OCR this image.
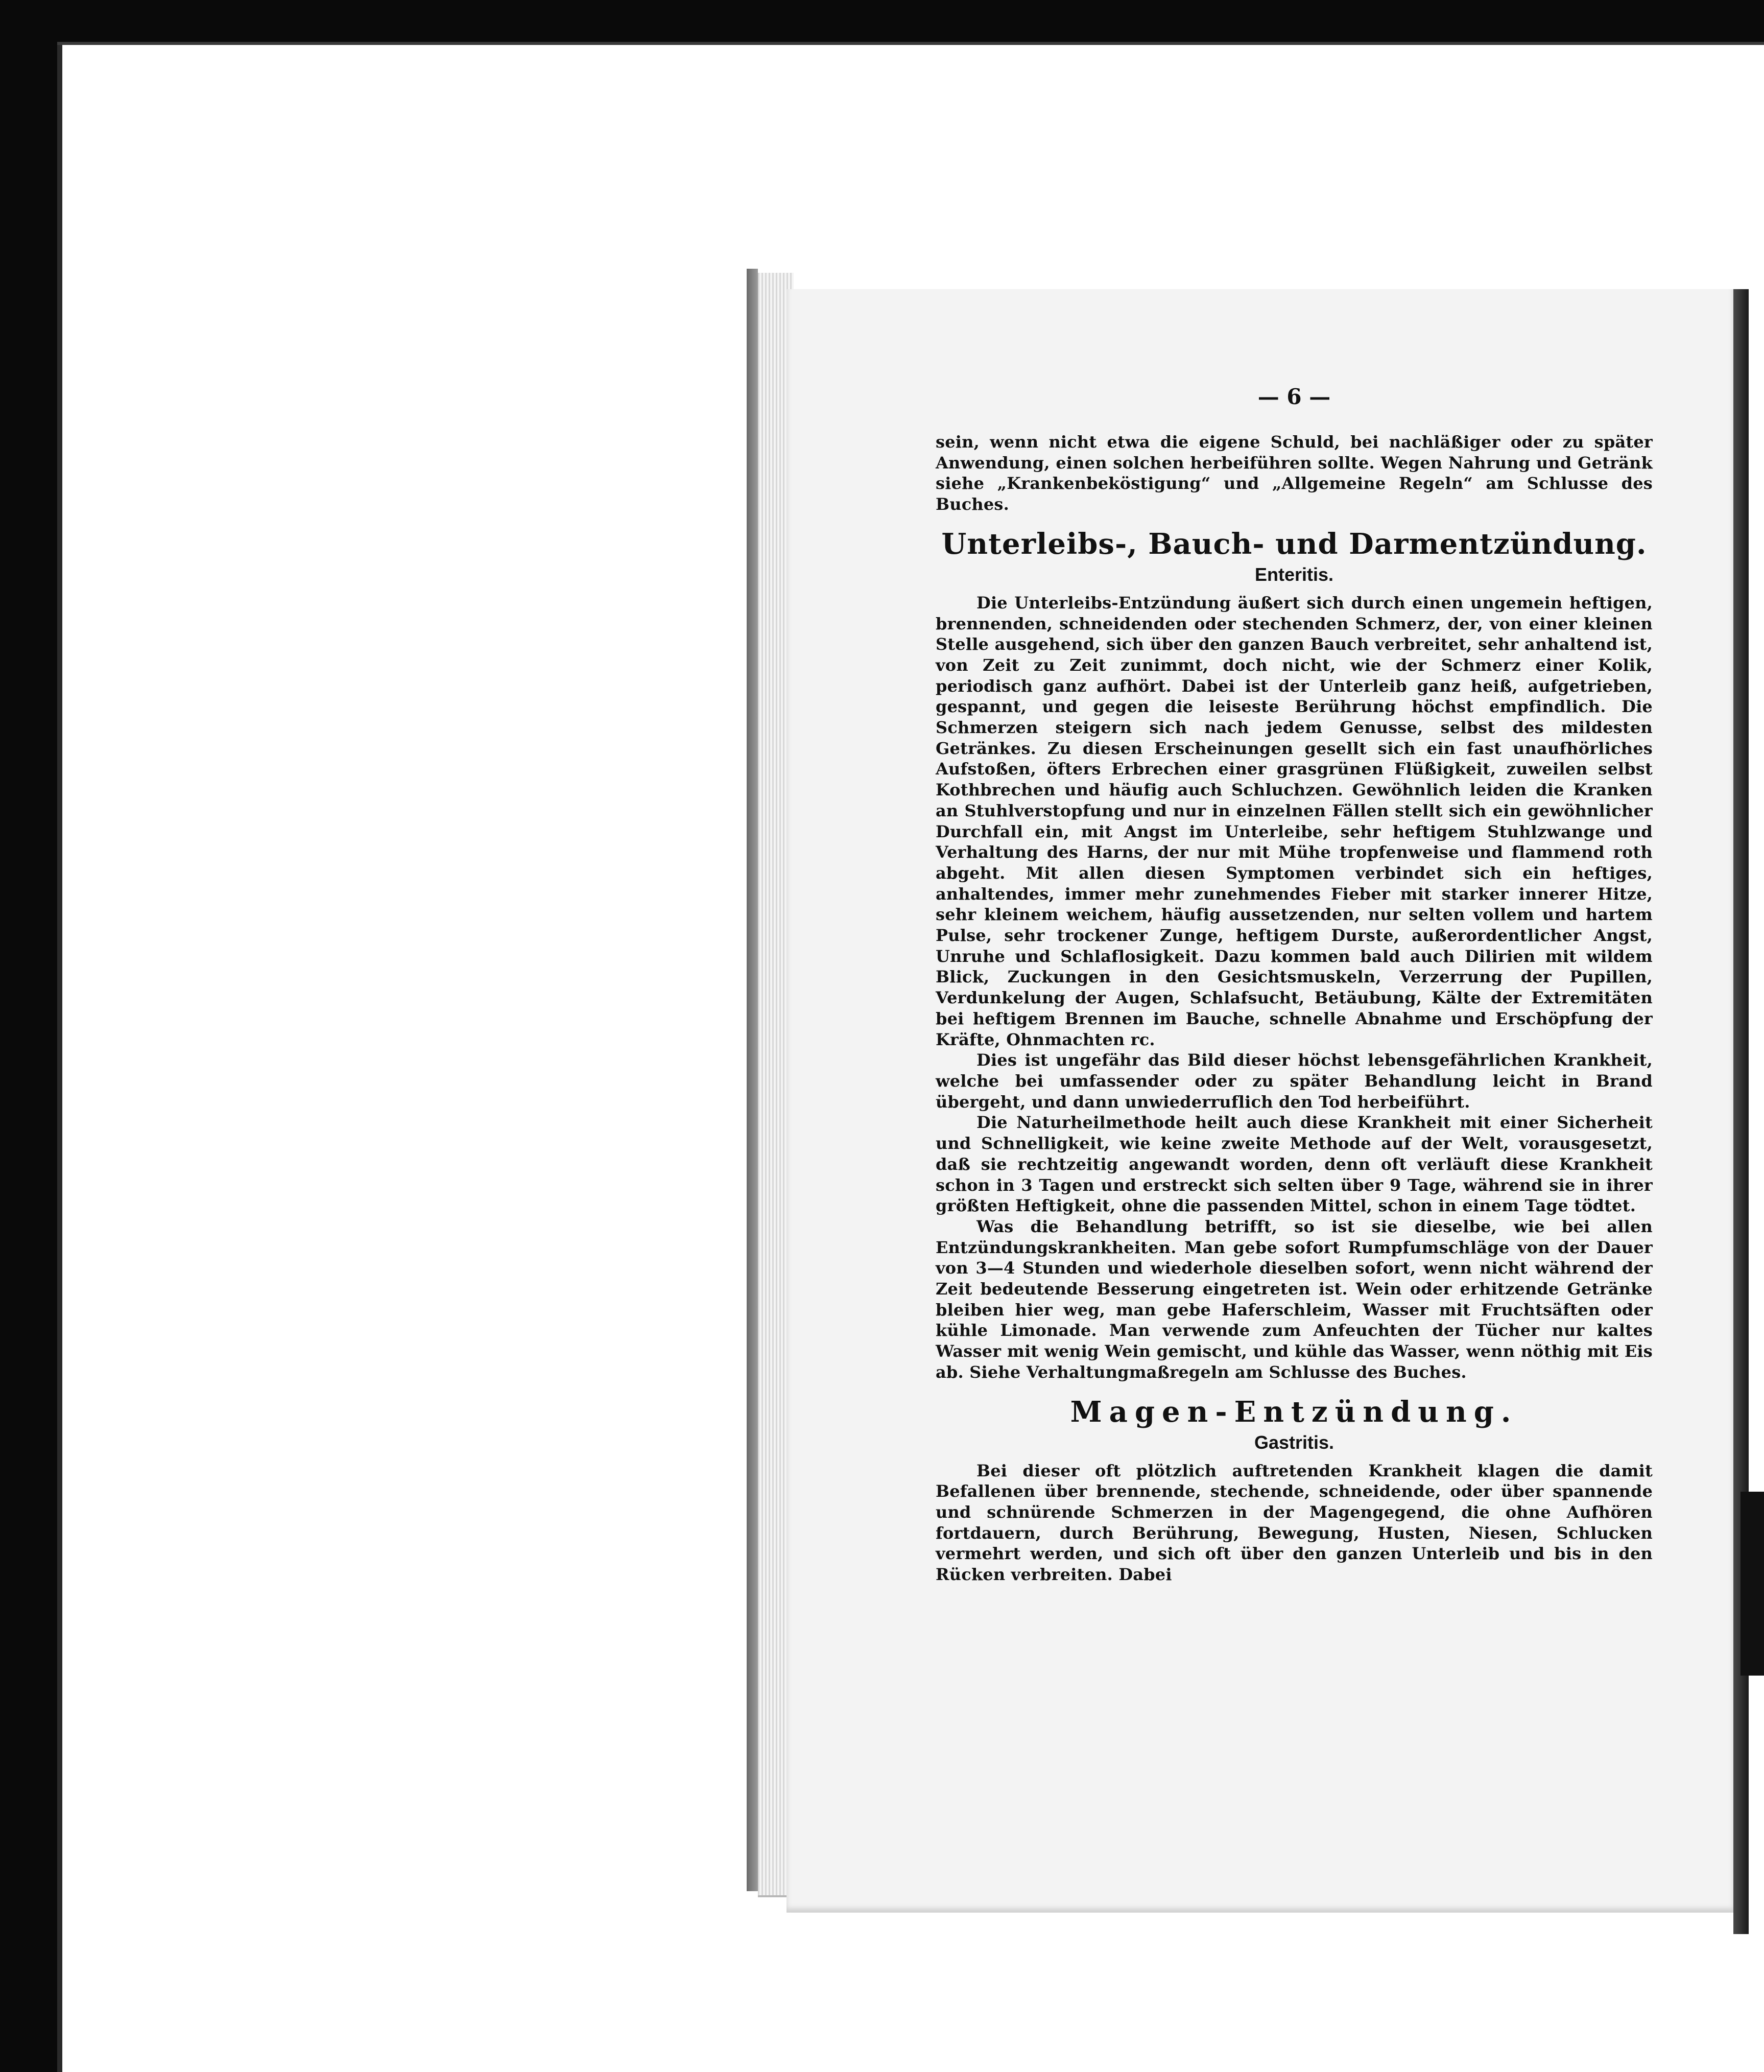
— 6 —

sein, wenn nicht etwa die eigene Schuld, bei nachläßiger oder zu später Anwendung, einen solchen herbeiführen sollte. Wegen Nahrung und Getränk siehe „Krankenbeköstigung“ und „Allgemeine Regeln“ am Schlusse des Buches.

Unterleibs-, Bauch- und Darmentzündung.
Enteritis.

Die Unterleibs-Entzündung äußert sich durch einen ungemein heftigen, brennenden, schneidenden oder stechenden Schmerz, der, von einer kleinen Stelle ausgehend, sich über den ganzen Bauch verbreitet, sehr anhaltend ist, von Zeit zu Zeit zunimmt, doch nicht, wie der Schmerz einer Kolik, periodisch ganz aufhört. Dabei ist der Unterleib ganz heiß, aufgetrieben, gespannt, und gegen die leiseste Berührung höchst empfindlich. Die Schmerzen steigern sich nach jedem Genusse, selbst des mildesten Getränkes. Zu diesen Erscheinungen gesellt sich ein fast unaufhörliches Aufstoßen, öfters Erbrechen einer grasgrünen Flüßigkeit, zuweilen selbst Kothbrechen und häufig auch Schluchzen. Gewöhnlich leiden die Kranken an Stuhlverstopfung und nur in einzelnen Fällen stellt sich ein gewöhnlicher Durchfall ein, mit Angst im Unterleibe, sehr heftigem Stuhlzwange und Verhaltung des Harns, der nur mit Mühe tropfenweise und flammend roth abgeht. Mit allen diesen Symptomen verbindet sich ein heftiges, anhaltendes, immer mehr zunehmendes Fieber mit starker innerer Hitze, sehr kleinem weichem, häufig aussetzenden, nur selten vollem und hartem Pulse, sehr trockener Zunge, heftigem Durste, außerordentlicher Angst, Unruhe und Schlaflosigkeit. Dazu kommen bald auch Dilirien mit wildem Blick, Zuckungen in den Gesichtsmuskeln, Verzerrung der Pupillen, Verdunkelung der Augen, Schlafsucht, Betäubung, Kälte der Extremitäten bei heftigem Brennen im Bauche, schnelle Abnahme und Erschöpfung der Kräfte, Ohnmachten rc.

Dies ist ungefähr das Bild dieser höchst lebensgefährlichen Krankheit, welche bei umfassender oder zu später Behandlung leicht in Brand übergeht, und dann unwiederruflich den Tod herbeiführt.

Die Naturheilmethode heilt auch diese Krankheit mit einer Sicherheit und Schnelligkeit, wie keine zweite Methode auf der Welt, vorausgesetzt, daß sie rechtzeitig angewandt worden, denn oft verläuft diese Krankheit schon in 3 Tagen und erstreckt sich selten über 9 Tage, während sie in ihrer größten Heftigkeit, ohne die passenden Mittel, schon in einem Tage tödtet.

Was die Behandlung betrifft, so ist sie dieselbe, wie bei allen Entzündungskrankheiten. Man gebe sofort Rumpfumschläge von der Dauer von 3—4 Stunden und wiederhole dieselben sofort, wenn nicht während der Zeit bedeutende Besserung eingetreten ist. Wein oder erhitzende Getränke bleiben hier weg, man gebe Haferschleim, Wasser mit Fruchtsäften oder kühle Limonade. Man verwende zum Anfeuchten der Tücher nur kaltes Wasser mit wenig Wein gemischt, und kühle das Wasser, wenn nöthig mit Eis ab. Siehe Verhaltungmaßregeln am Schlusse des Buches.

Magen-Entzündung.
Gastritis.

Bei dieser oft plötzlich auftretenden Krankheit klagen die damit Befallenen über brennende, stechende, schneidende, oder über spannende und schnürende Schmerzen in der Magengegend, die ohne Aufhören fortdauern, durch Berührung, Bewegung, Husten, Niesen, Schlucken vermehrt werden, und sich oft über den ganzen Unterleib und bis in den Rücken verbreiten. Dabei
